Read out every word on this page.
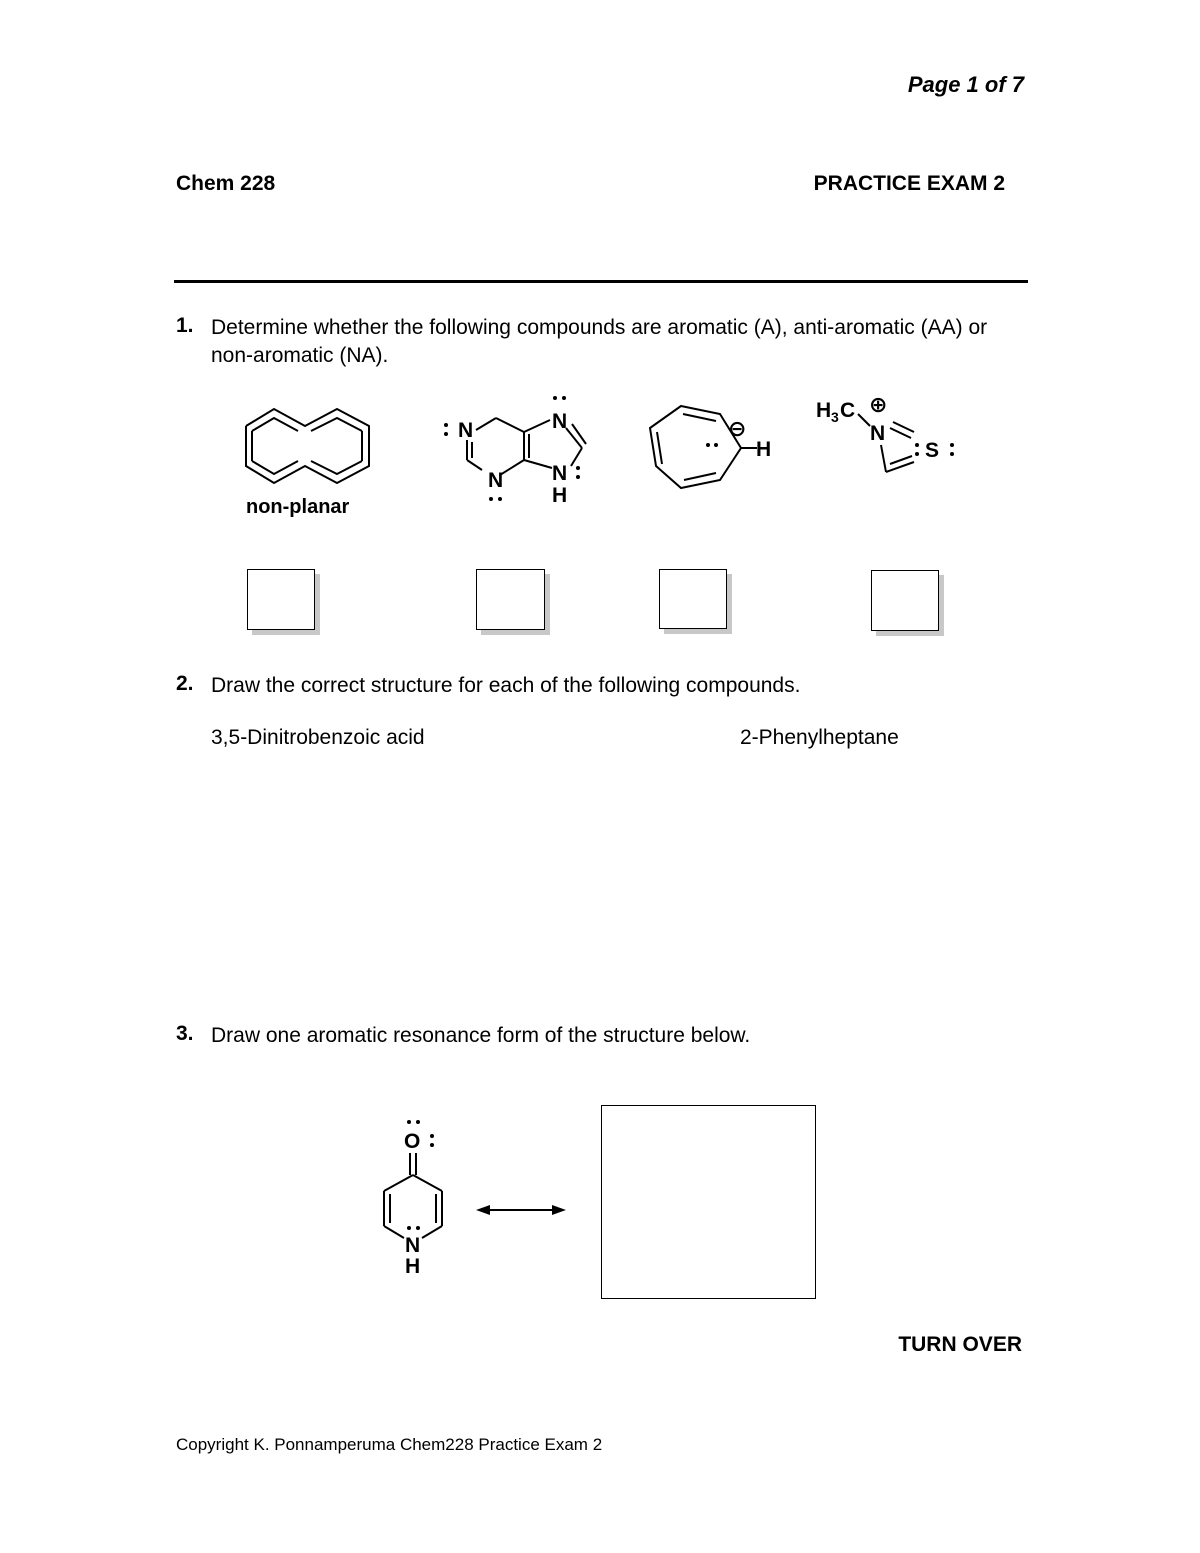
Page 1 of 7
Chem 228	PRACTICE EXAM 2
1. Determine whether the following compounds are aromatic (A), anti-aromatic (AA) or non-aromatic (NA).
N	N
N N
H
H
⊖
H 3 C ⊕
N
S
O
N
H
non-planar
2. Draw the correct structure for each of the following compounds.
3,5-Dinitrobenzoic acid	2-Phenylheptane
3. Draw one aromatic resonance form of the structure below.
TURN OVER
Copyright K. Ponnamperuma Chem228 Practice Exam 2
